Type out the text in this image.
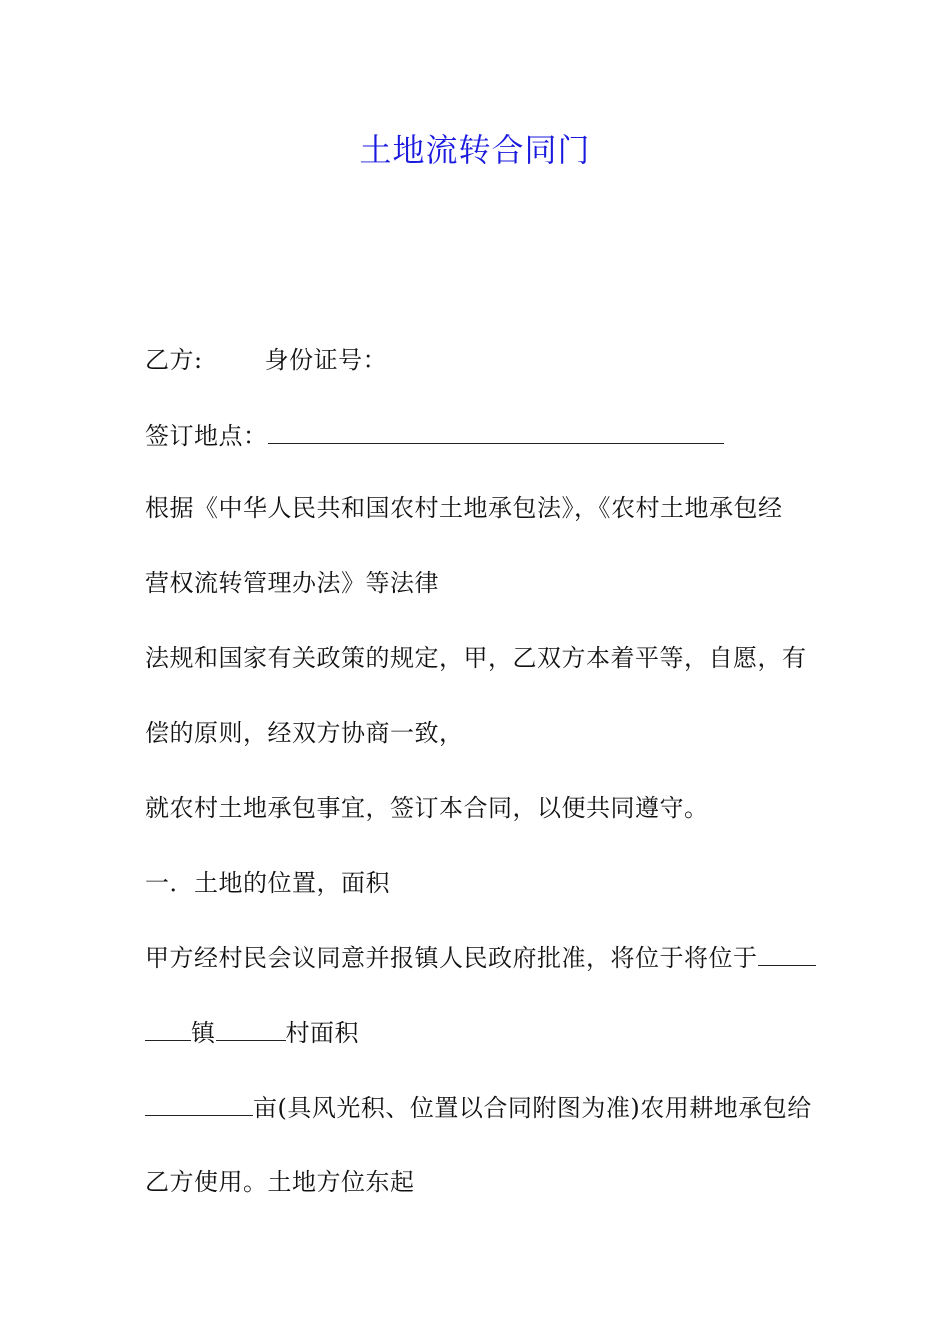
土地流转合同门
乙方:	身份证号：
签订地点：
根据《中华人民共和国农村土地承包法》，《农村土地承包经
营权流转管理办法》等法律
法规和国家有关政策的规定，甲，乙双方本着平等，自愿，有
偿的原则，经双方协商一致，
就农村土地承包事宜，签订本合同，以便共同遵守。
一．土地的位置，面积
甲方经村民会议同意并报镇人民政府批准，将位于将位于
镇	村面积
亩(具风光积、位置以合同附图为准)农用耕地承包给
乙方使用。土地方位东起
